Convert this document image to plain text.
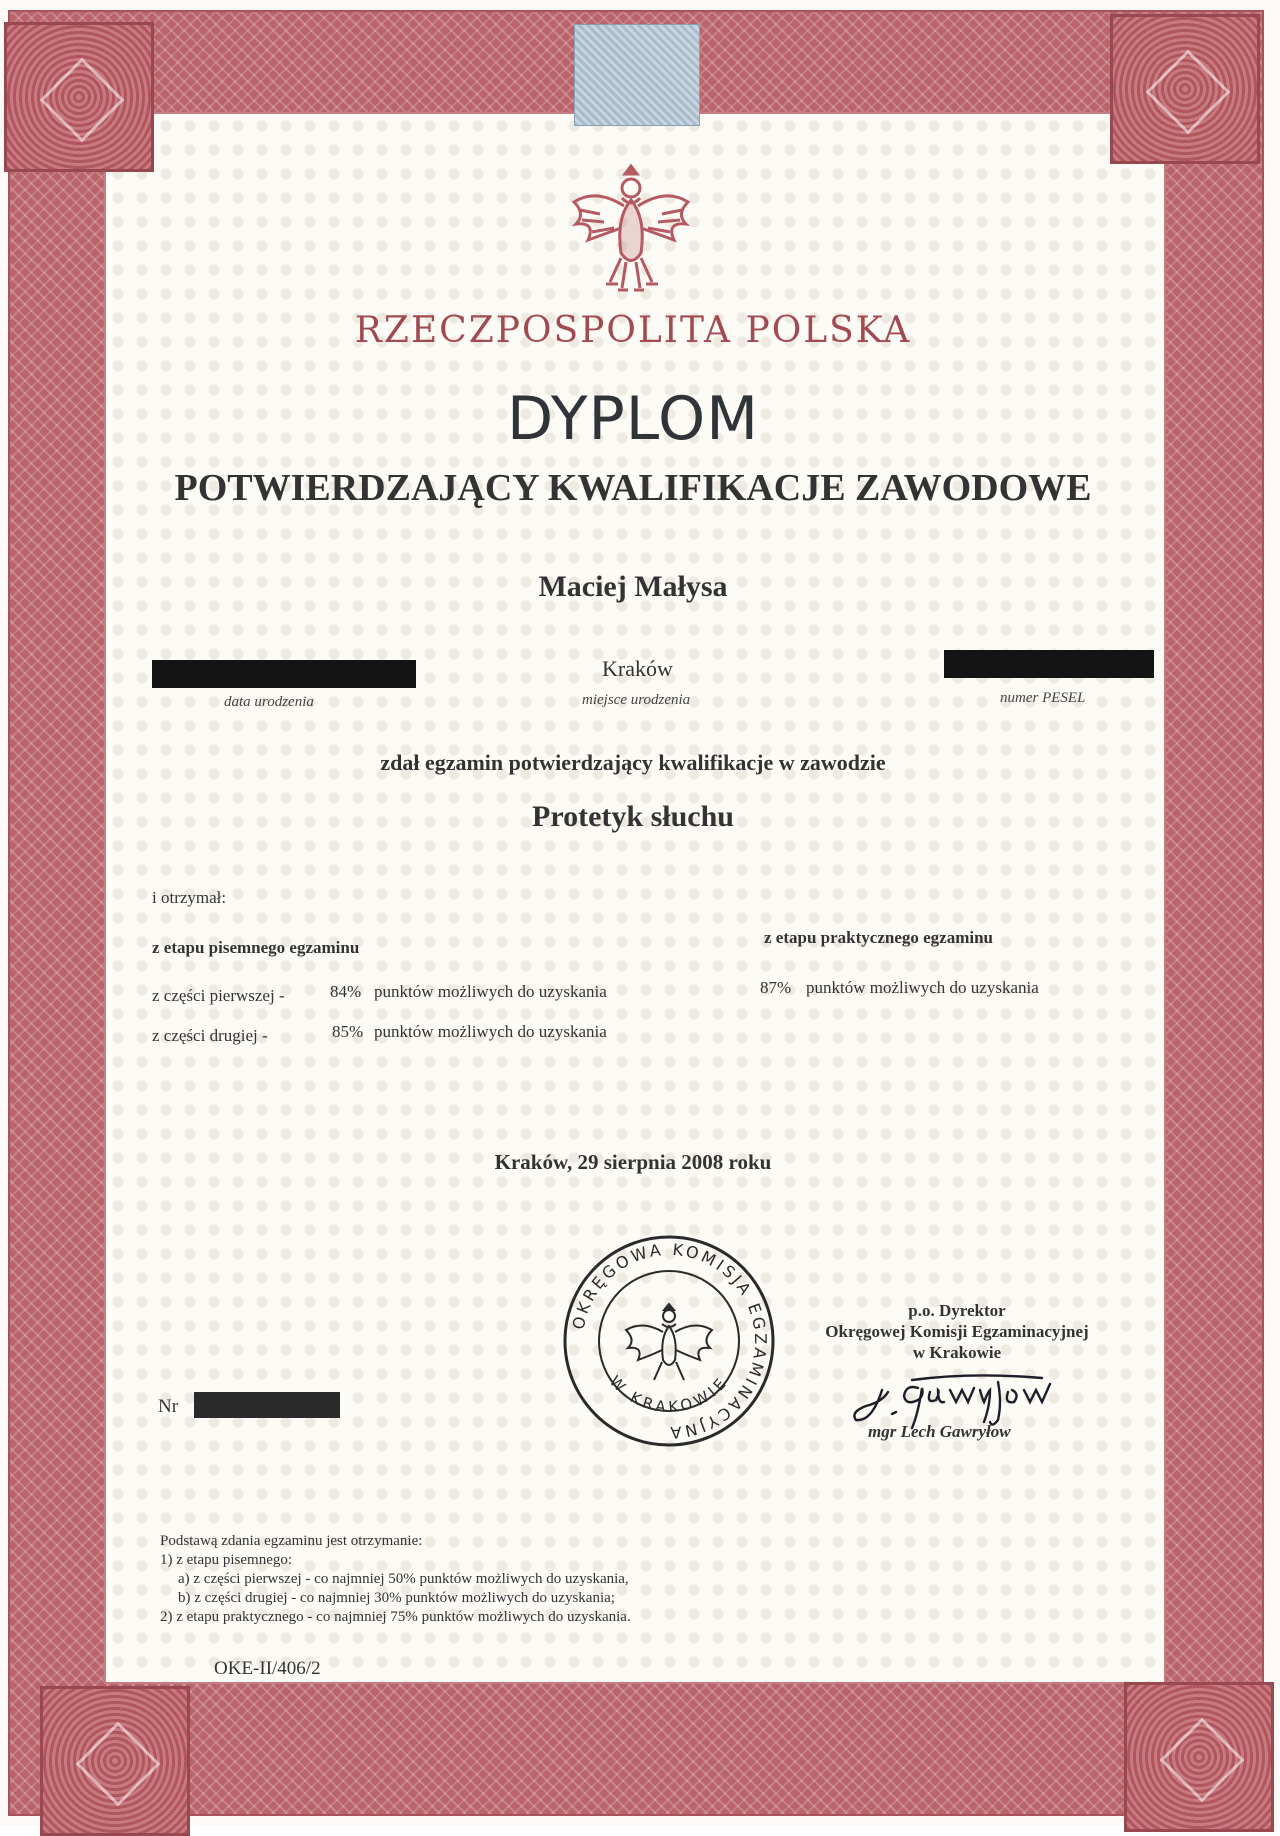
RZECZPOSPOLITA POLSKA
DYPLOM
POTWIERDZAJĄCY KWALIFIKACJE ZAWODOWE
Maciej Małysa
data urodzenia
Kraków
miejsce urodzenia	numer PESEL
zdał egzamin potwierdzający kwalifikacje w zawodzie
Protetyk słuchu
i otrzymał:
z etapu pisemnego egzaminu
z etapu praktycznego egzaminu
z części pierwszej -	84% punktów możliwych do uzyskania	87% punktów możliwych do uzyskania
z części drugiej -	85% punktów możliwych do uzyskania
Kraków, 29 sierpnia 2008 roku
OKRĘGOWA KOMISJA EGZAMINACYJNA
W KRAKOWIE
Nr
p.o. Dyrektor
Okręgowej Komisji Egzaminacyjnej
w Krakowie
mgr Lech Gawryłow
Podstawą zdania egzaminu jest otrzymanie:
1) z etapu pisemnego:
a) z części pierwszej - co najmniej 50% punktów możliwych do uzyskania,
b) z części drugiej - co najmniej 30% punktów możliwych do uzyskania;
2) z etapu praktycznego - co najmniej 75% punktów możliwych do uzyskania.
OKE-II/406/2
